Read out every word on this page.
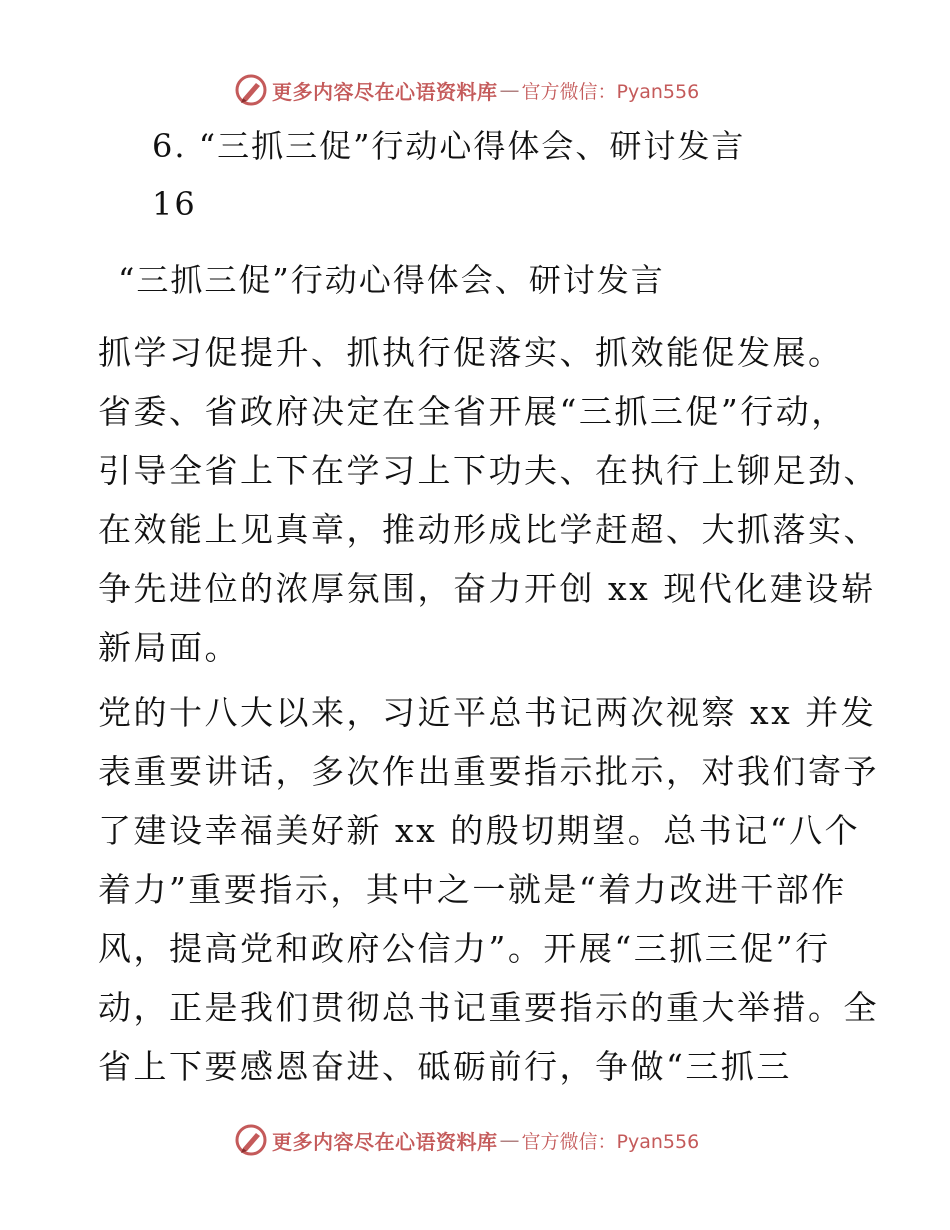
更多内容尽在心语资料库 — 官方微信：Pyan556
6. “三抓三促”行动心得体会、研讨发言
16
“三抓三促”行动心得体会、研讨发言
抓学习促提升、抓执行促落实、抓效能促发展。
省委、省政府决定在全省开展“三抓三促”行动，
引导全省上下在学习上下功夫、在执行上铆足劲、
在效能上见真章，推动形成比学赶超、大抓落实、
争先进位的浓厚氛围，奋力开创 xx 现代化建设崭
新局面。
党的十八大以来，习近平总书记两次视察 xx 并发
表重要讲话，多次作出重要指示批示，对我们寄予
了建设幸福美好新 xx 的殷切期望。总书记“八个
着力”重要指示，其中之一就是“着力改进干部作
风，提高党和政府公信力”。开展“三抓三促”行
动，正是我们贯彻总书记重要指示的重大举措。全
省上下要感恩奋进、砥砺前行，争做“三抓三
更多内容尽在心语资料库 — 官方微信：Pyan556
